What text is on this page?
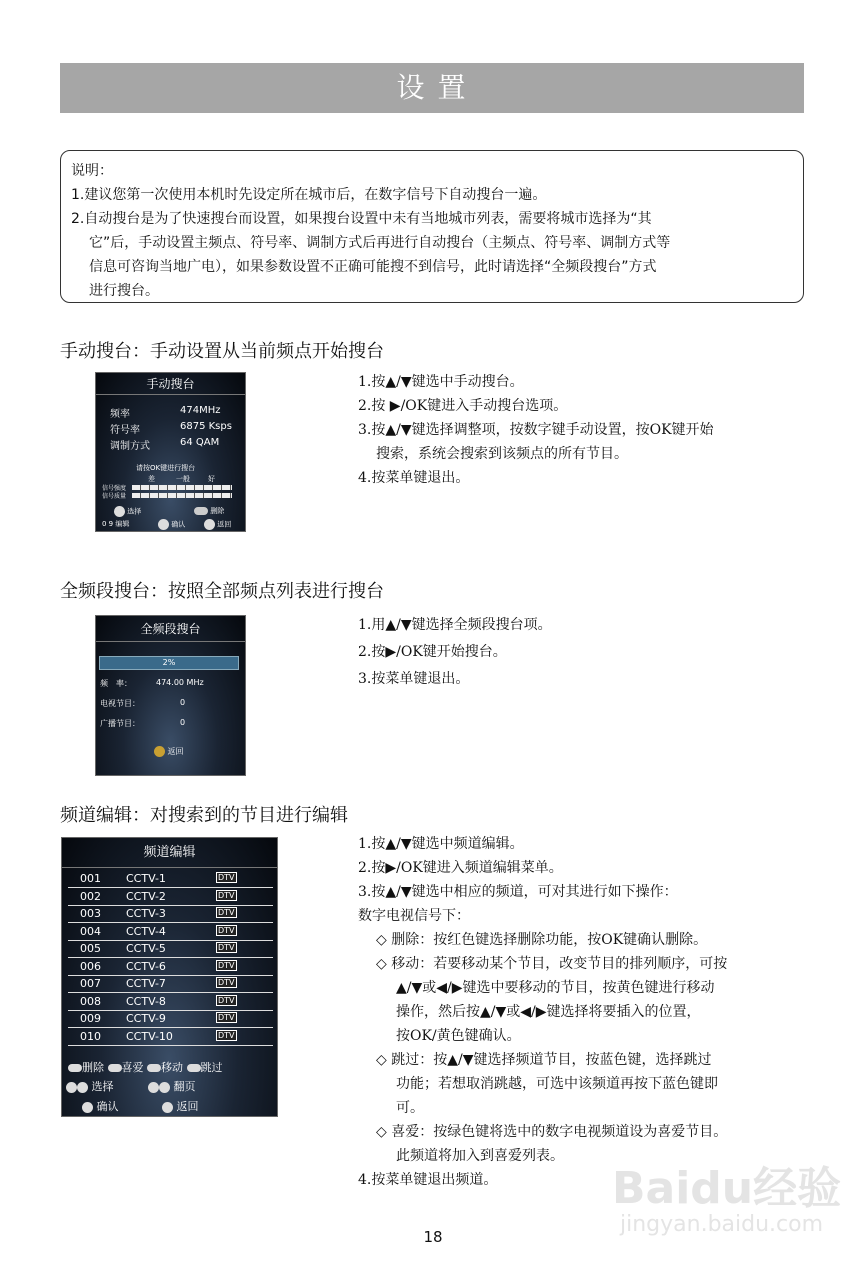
设 置
说明：
1.建议您第一次使用本机时先设定所在城市后，在数字信号下自动搜台一遍。
2.自动搜台是为了快速搜台而设置，如果搜台设置中未有当地城市列表，需要将城市选择为“其
它”后，手动设置主频点、符号率、调制方式后再进行自动搜台（主频点、符号率、调制方式等
信息可咨询当地广电），如果参数设置不正确可能搜不到信号，此时请选择“全频段搜台”方式
进行搜台。
手动搜台：手动设置从当前频点开始搜台
手动搜台
频率	474MHz
符号率	6875 Ksps
调制方式	64 QAM
请按OK键进行搜台
差	一般	好
信号强度
信号质量
选择	删除
0 9 编辑	确认	返回
1.按▲/▼键选中手动搜台。
2.按 ▶/OK键进入手动搜台选项。
3.按▲/▼键选择调整项，按数字键手动设置，按OK键开始
搜索，系统会搜索到该频点的所有节目。
4.按菜单键退出。
全频段搜台：按照全部频点列表进行搜台
全频段搜台
2%
频　率：	474.00 MHz
电视节目：	0
广播节目：	0
返回
1.用▲/▼键选择全频段搜台项。
2.按▶/OK键开始搜台。
3.按菜单键退出。
频道编辑：对搜索到的节目进行编辑
频道编辑
001 CCTV-1	DTV
002 CCTV-2	DTV
003 CCTV-3	DTV
004 CCTV-4	DTV
005 CCTV-5	DTV
006 CCTV-6	DTV
007 CCTV-7	DTV
008 CCTV-8	DTV
009 CCTV-9	DTV
010 CCTV-10	DTV
删除 喜爱 移动 跳过
选择	翻页
确认	返回
1.按▲/▼键选中频道编辑。
2.按▶/OK键进入频道编辑菜单。
3.按▲/▼键选中相应的频道，可对其进行如下操作：
数字电视信号下：
◇ 删除：按红色键选择删除功能，按OK键确认删除。
◇ 移动：若要移动某个节目，改变节目的排列顺序，可按
▲/▼或◀/▶键选中要移动的节目，按黄色键进行移动
操作，然后按▲/▼或◀/▶键选择将要插入的位置，
按OK/黄色键确认。
◇ 跳过：按▲/▼键选择频道节目，按蓝色键，选择跳过
功能；若想取消跳越，可选中该频道再按下蓝色键即
可。
◇ 喜爱：按绿色键将选中的数字电视频道设为喜爱节目。
此频道将加入到喜爱列表。
4.按菜单键退出频道。	Baidu经验
jingyan.baidu.com
18
